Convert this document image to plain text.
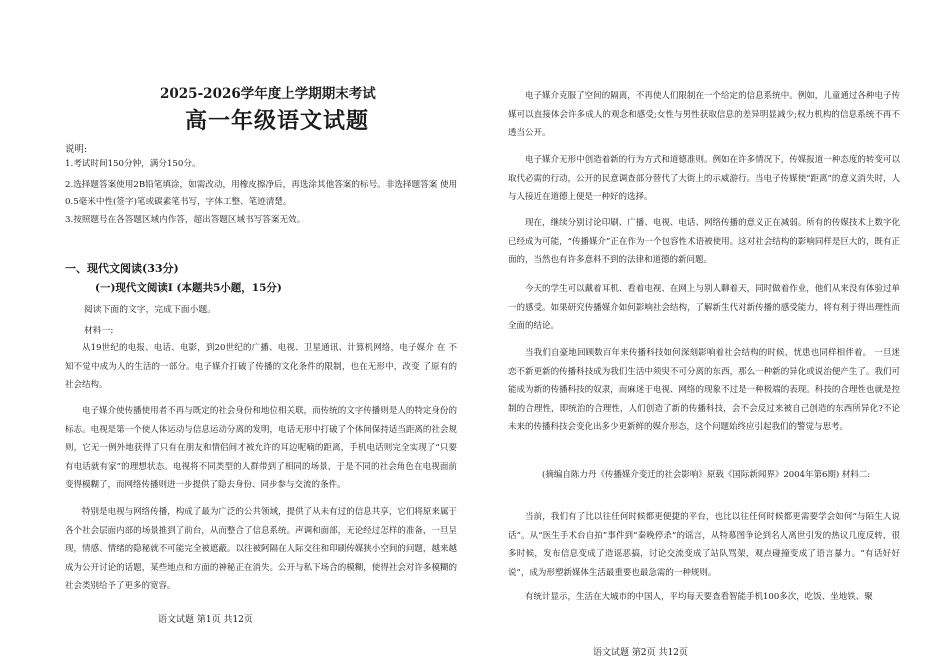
2025-2026学年度上学期期末考试
高一年级语文试题
说明:
1.考试时间150分钟，满分150分。
2.选择题答案使用2B铅笔填涂，如需改动，用橡皮擦净后，再选涂其他答案的标号。非选择题答案 使用0.5毫米中性(签字)笔或碳素笔书写，字体工整、笔迹清楚。
3.按照题号在各答题区域内作答，超出答题区域书写答案无效。
一、现代文阅读(33分)
(一)现代文阅读Ⅰ (本题共5小题，15分)
阅读下面的文字，完成下面小题。
材料一:
从19世纪的电报、电话、电影，到20世纪的广播、电视、卫星通讯、计算机网络，电子媒介 在 不知不觉中成为人的生活的一部分。电子媒介打破了传播的文化条件的限制，也在无形中，改变 了原有的社会结构。
电子媒介使传播使用者不再与既定的社会身份和地位相关联，而传统的文字传播则是人的特定身份的标志。电视是第一个使人体运动与信息运动分离的发明，电话无形中打破了个体间保持适当距离的社会规则，它无一例外地获得了只有在朋友和情侣间才被允许的耳边呢喃的距离，手机电话则完全实现了“只要有电话就有家”的理想状态。电视将不同类型的人群带到了相同的场景，于是不同的社会角色在电视面前变得模糊了，而网络传播则进一步提供了隐去身份、同步参与交流的条件。
特别是电视与网络传播，构成了最为广泛的公共领域，提供了从未有过的信息共享，它们将原来属于各个社会层面内部的场景推到了前台，从而整合了信息系统。声调和面部，无论经过怎样的准备，一旦呈现，情感、情绪的隐秘就不可能完全被遮蔽。以往被阿隔在人际交往和印刷传媒狭小空间的问题，越来越成为公开讨论的话题，某些地点和方面的神秘正在消失。公开与私下场合的模糊，使得社会对许多模糊的社会类别给予了更多的宽容。
语文试题 第1页 共12页
电子媒介克服了空间的隔离，不再使人们限制在一个给定的信息系统中。例如，儿童通过各种电子传媒可以直接体会许多成人的观念和感受;女性与男性获取信息的差异明显减少;权力机构的信息系统不再不透当公开。
电子媒介无形中创造着新的行为方式和道德准则。例如在许多情况下，传媒报道一种态度的转变可以取代必需的行动，公开的民意调查部分替代了大街上的示威游行。当电子传媒使“距离”的意义消失时，人与人接近在道德上便是一种好的选择。
现在，继续分别讨论印刷、广播、电视、电话、网络传播的意义正在减弱。所有的传媒技术上数字化已经成为可能，“传播媒介”正在作为一个包容性术语被使用。这对社会结构的影响同样是巨大的，既有正面的，当然也有许多意料不到的法律和道德的新问题。
今天的学生可以戴着耳机、看着电视、在网上与别人聊着天，同时做着作业，他们从来没有体验过单一的感受。如果研究传播媒介如何影响社会结构，了解新生代对新传播的感受能力，将有利于得出理性而全面的结论。
当我们自豪地回顾数百年来传播科技如何深刻影响着社会结构的时候，忧患也同样相伴着。 一旦迷恋不新更新的传播科技成为我们生活中须臾不可分离的东西，那么一种新的异化或说治便产生了。我们可能成为新的传播科技的奴隶，而麻迷于电视、网络的现象不过是一种极端的表现。科技的合理性也就是控制的合理性，即统治的合理性，人们创造了新的传播科技，会不会反过来被自己创造的东西所异化?不论未来的传播科技会变化出多少更新鲜的媒介形态，这个问题始终应引起我们的警觉与思考。
(摘编自陈力丹《传播媒介变迁的社会影响》原载《国际新闻界》2004年第6期) 材料二:
当前，我们有了比以往任何时候都更便捷的平台，也比以往任何时候都更需要学会如何“与陌生人说话”。从“医生手术台自拍”事件到“秦晚停杀”的谣言，从特慕图争论到名人离世引发的热议几度反转，很多时候，发布信息变成了造谣恶搞，讨论交流变成了站队骂架，观点碰撞变成了语言暴力。“有话好好说”，成为形塑新媒体生活最重要也最急需的一种规则。
有统计显示，生活在大城市的中国人，平均每天要查看智能手机100多次，吃饭、坐地铁、聚
语文试题 第2页 共12页
